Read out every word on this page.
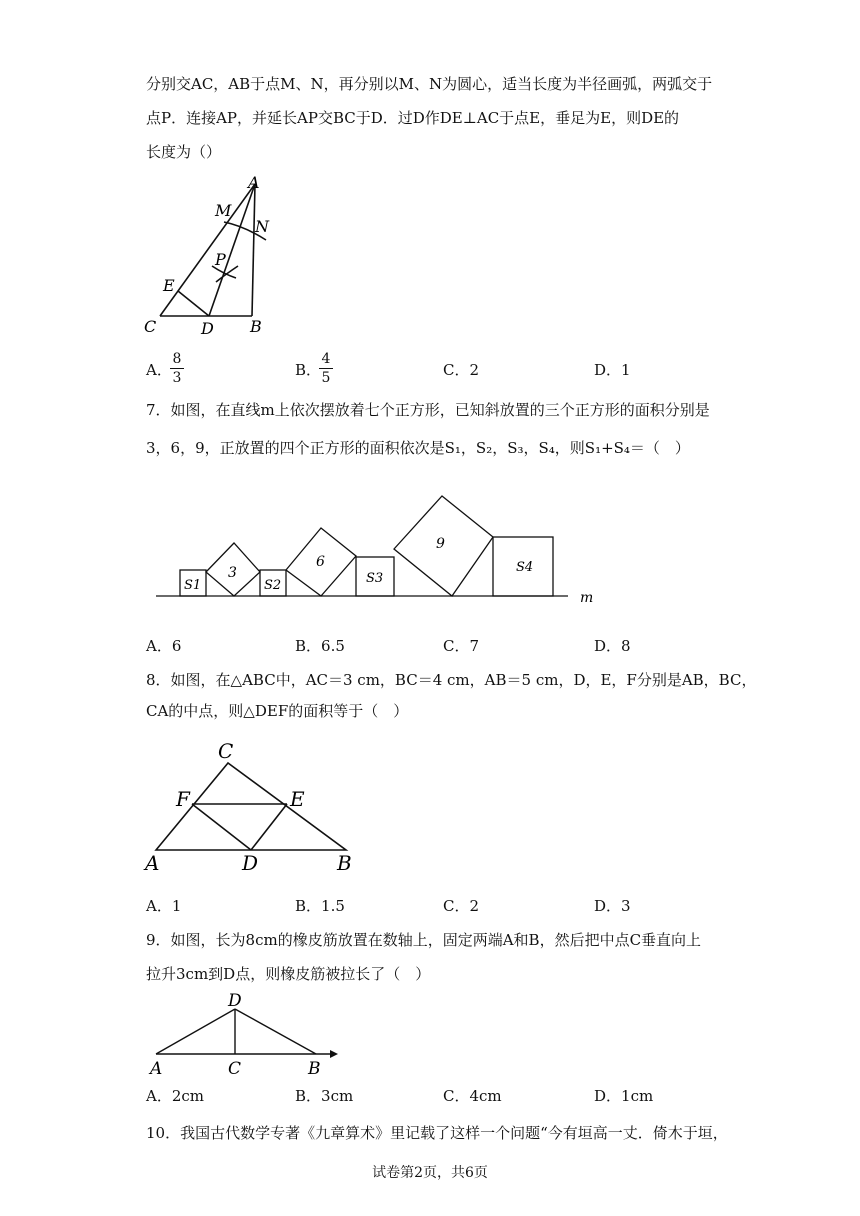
分别交AC，AB于点M、N，再分别以M、N为圆心，适当长度为半径画弧，两弧交于
点P．连接AP，并延长AP交BC于D．过D作DE⊥AC于点E，垂足为E，则DE的
长度为（）
A
M
N
P
E
C	D B
A．
8
3	B．
4
5	C．2	D．1
7．如图，在直线m上依次摆放着七个正方形，已知斜放置的三个正方形的面积分别是
3，6，9，正放置的四个正方形的面积依次是S₁，S₂，S₃，S₄，则S₁+S₄＝（　）
S1
3
S2
6
S3
9
S4
m
A．6	B．6.5	C．7	D．8
8．如图，在△ABC中，AC＝3 cm，BC＝4 cm，AB＝5 cm，D，E，F分别是AB，BC，
CA的中点，则△DEF的面积等于（　）
C
F	E
A	D	B
A．1	B．1.5	C．2	D．3
9．如图，长为8cm的橡皮筋放置在数轴上，固定两端A和B，然后把中点C垂直向上
拉升3cm到D点，则橡皮筋被拉长了（　）
D
A	C	B
A．2cm	B．3cm	C．4cm	D．1cm
10．我国古代数学专著《九章算术》里记载了这样一个问题“今有垣高一丈．倚木于垣，
试卷第2页，共6页
